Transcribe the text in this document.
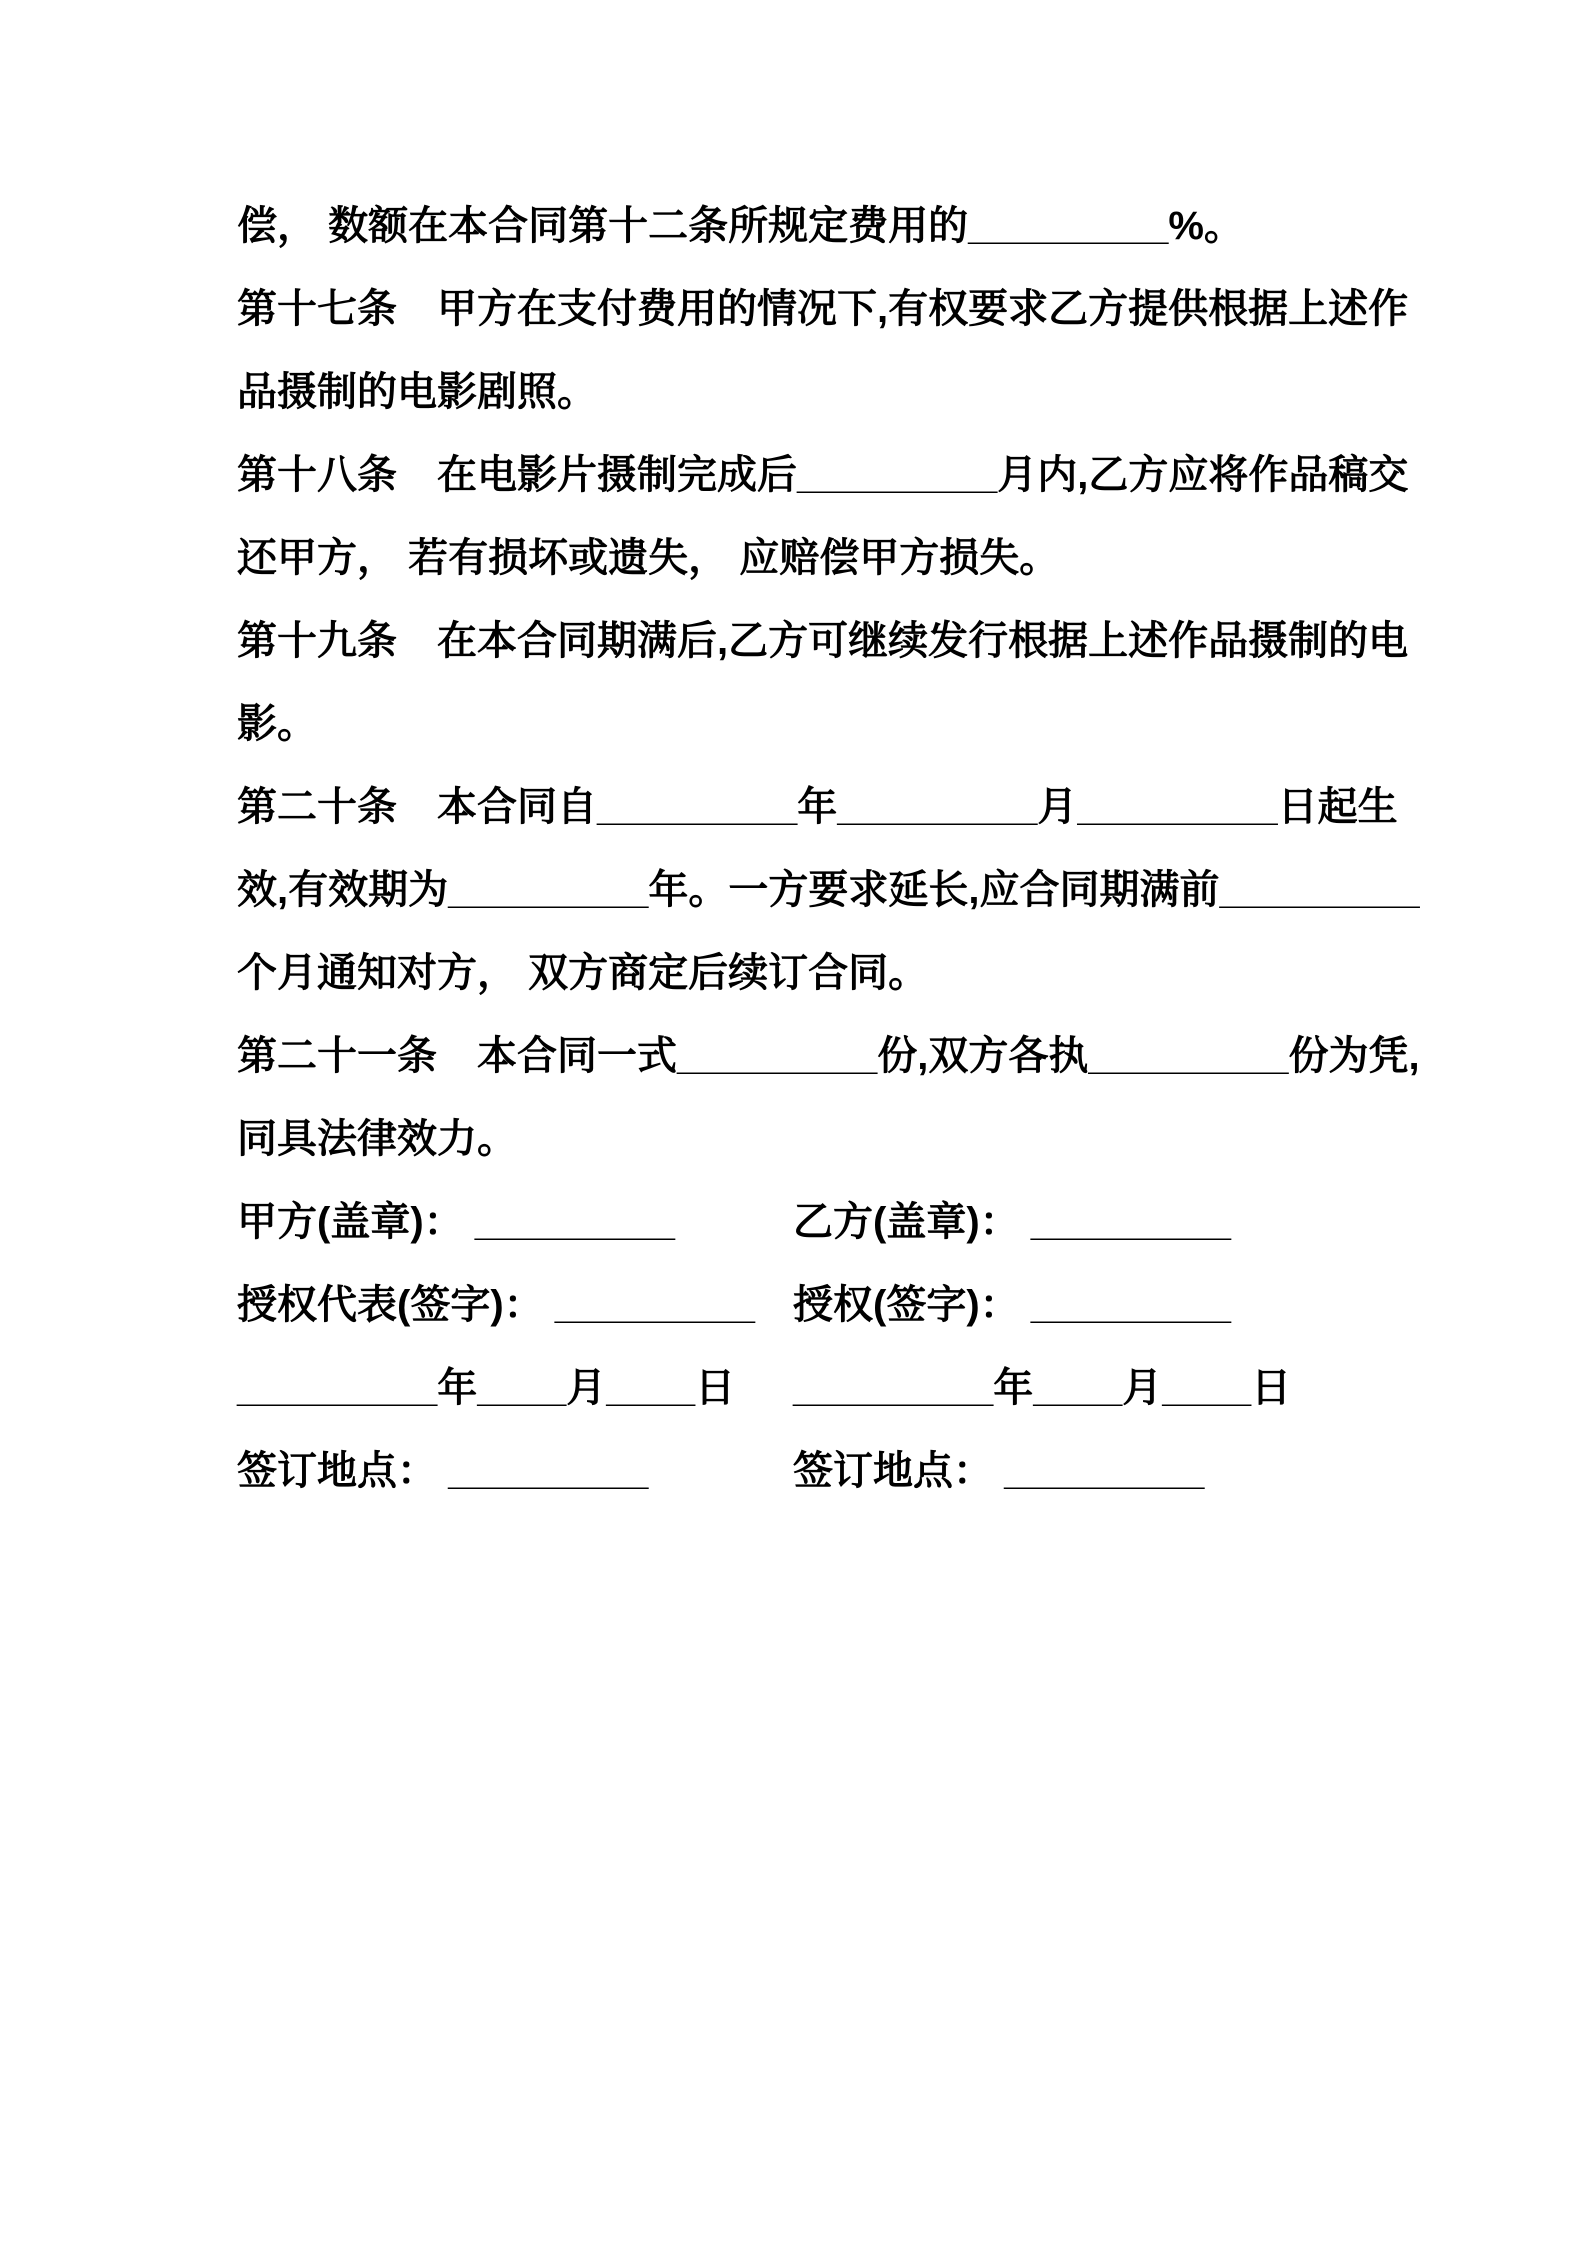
偿， 数额在本合同第十二条所规定费用的_________%。
第十七条　甲方在支付费用的情况下,有权要求乙方提供根据上述作
品摄制的电影剧照。
第十八条　在电影片摄制完成后_________月内,乙方应将作品稿交
还甲方， 若有损坏或遗失， 应赔偿甲方损失。
第十九条　在本合同期满后,乙方可继续发行根据上述作品摄制的电
影。
第二十条　本合同自_________年_________月_________日起生
效,有效期为_________年。一方要求延长,应合同期满前_________
个月通知对方， 双方商定后续订合同。
第二十一条　本合同一式_________份,双方各执_________份为凭,
同具法律效力。
甲方(盖章)： _________	乙方(盖章)： _________
授权代表(签字)： _________ 授权(签字)： _________
_________年____月____日	_________年____月____日
签订地点： _________	签订地点： _________
